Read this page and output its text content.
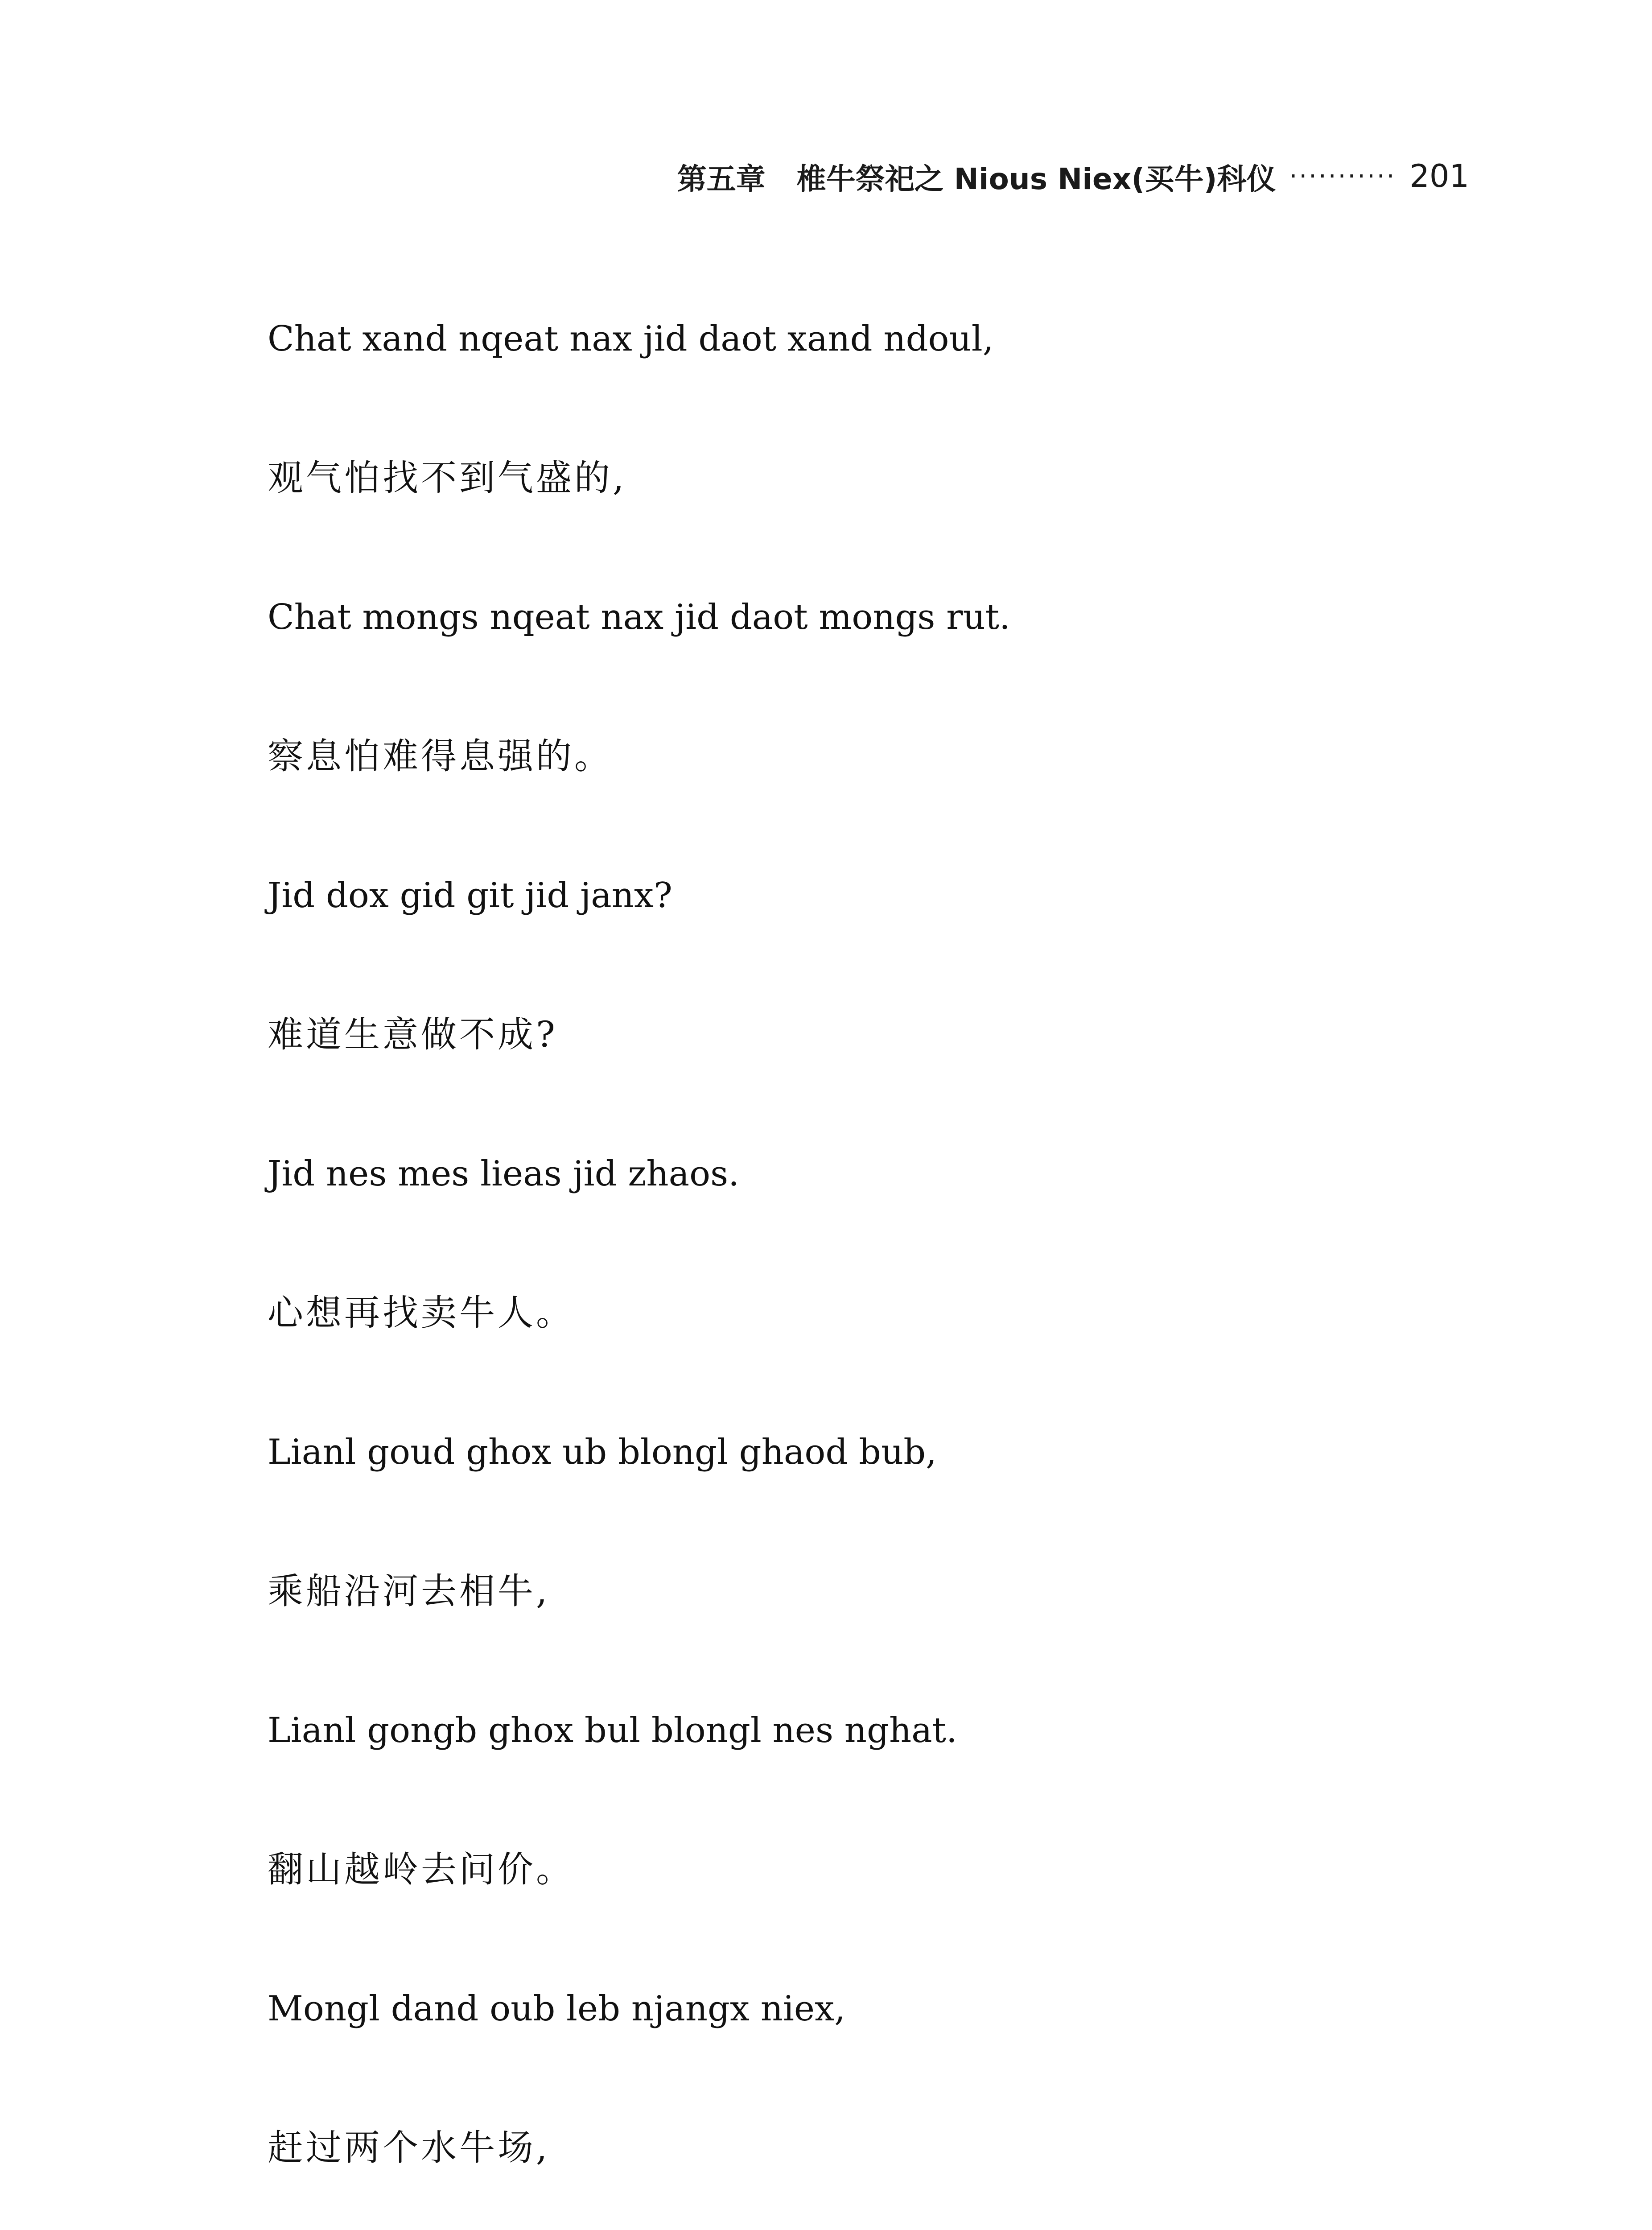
第五章 椎牛祭祀之 Nious Niex(买牛)科仪 ··········· 201

Chat xand nqeat nax jid daot xand ndoul,

观气怕找不到气盛的,

Chat mongs nqeat nax jid daot mongs rut.

察息怕难得息强的。

Jid dox gid git jid janx?

难道生意做不成?

Jid nes mes lieas jid zhaos.

心想再找卖牛人。

Lianl goud ghox ub blongl ghaod bub,

乘船沿河去相牛,

Lianl gongb ghox bul blongl nes nghat.

翻山越岭去问价。

Mongl dand oub leb njangx niex,

赶过两个水牛场,
